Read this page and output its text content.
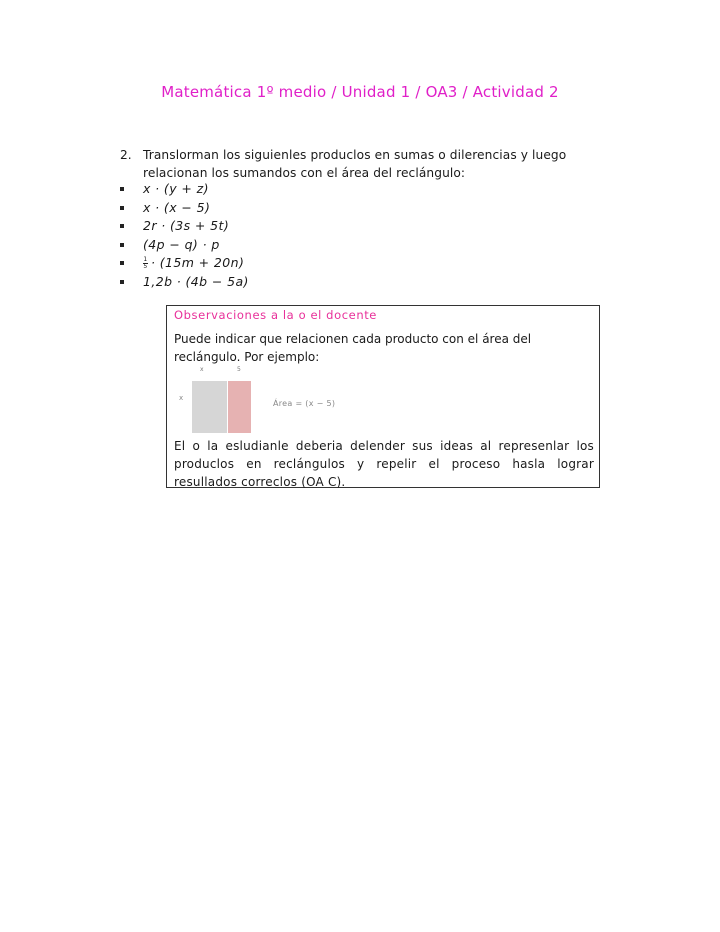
Matemática 1º medio / Unidad 1 / OA3 / Actividad 2
2. Translorman los siguienles produclos en sumas o dilerencias y luego relacionan los sumandos con el área del reclángulo:
x · (y + z)
x · (x − 5)
2r · (3s + 5t)
(4p − q) · p
$\frac{1}{5} \cdot (15m + 20n)$
1,2b · (4b − 5a)
Observaciones a la o el docente
Puede indicar que relacionen cada producto con el área del reclángulo. Por ejemplo:
x	5
x
Área = (x − 5)
El o la esludianle deberia delender sus ideas al represenlar los produclos en reclángulos y repelir el proceso hasla lograr resullados correclos (OA C).
